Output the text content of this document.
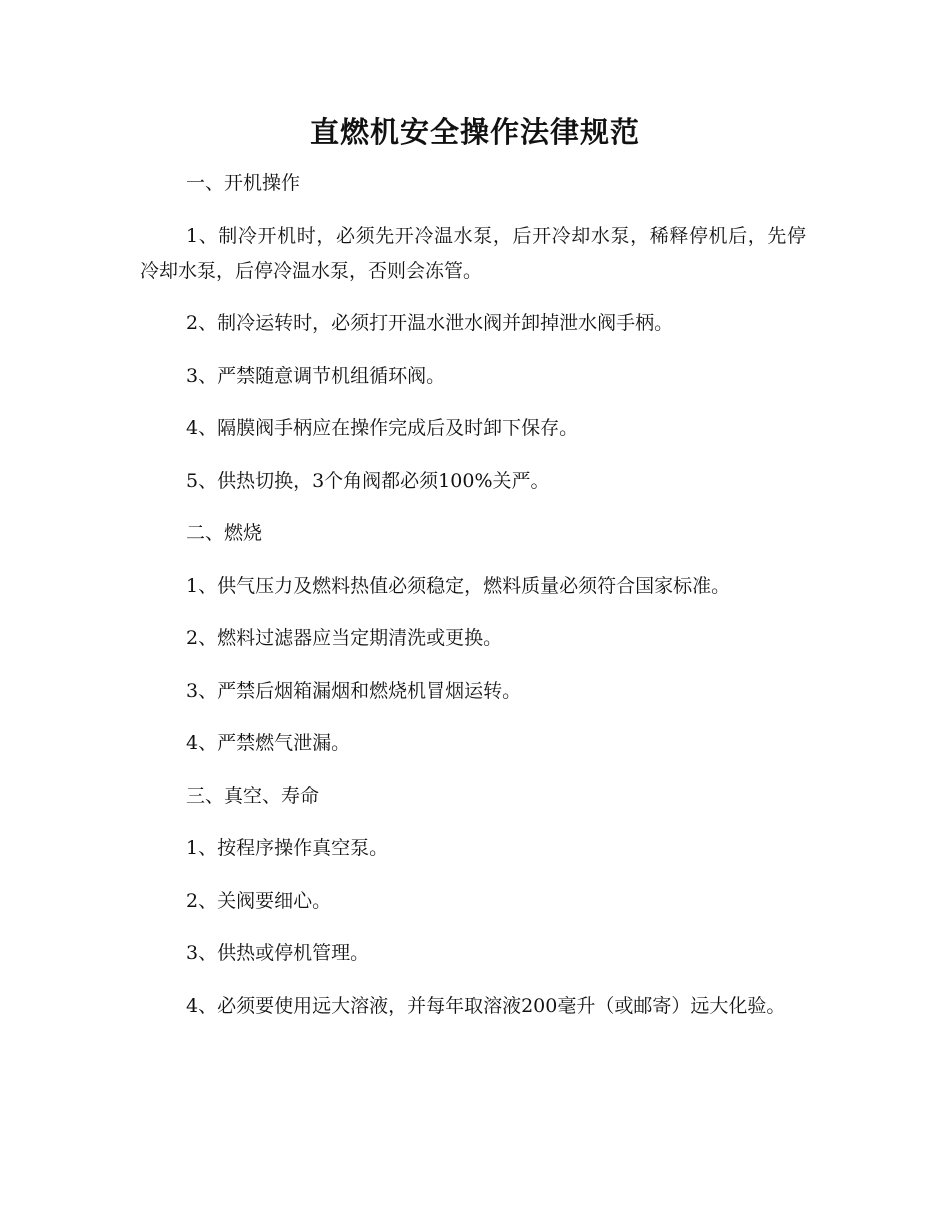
直燃机安全操作法律规范

一、开机操作

1、制冷开机时，必须先开冷温水泵，后开冷却水泵，稀释停机后，先停冷却水泵，后停冷温水泵，否则会冻管。

2、制冷运转时，必须打开温水泄水阀并卸掉泄水阀手柄。

3、严禁随意调节机组循环阀。

4、隔膜阀手柄应在操作完成后及时卸下保存。

5、供热切换，3个角阀都必须100%关严。

二、燃烧

1、供气压力及燃料热值必须稳定，燃料质量必须符合国家标准。

2、燃料过滤器应当定期清洗或更换。

3、严禁后烟箱漏烟和燃烧机冒烟运转。

4、严禁燃气泄漏。

三、真空、寿命

1、按程序操作真空泵。

2、关阀要细心。

3、供热或停机管理。

4、必须要使用远大溶液，并每年取溶液200毫升（或邮寄）远大化验。
